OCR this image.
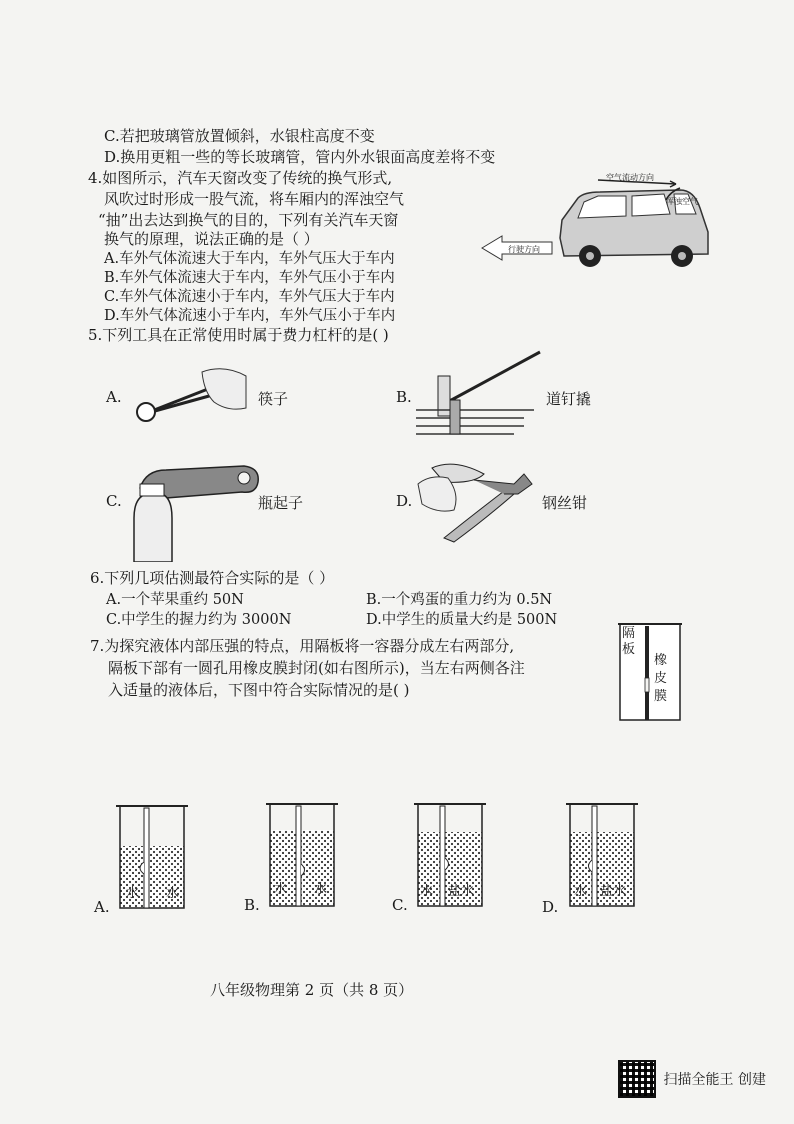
C.若把玻璃管放置倾斜，水银柱高度不变
D.换用更粗一些的等长玻璃管，管内外水银面高度差将不变
4.如图所示，汽车天窗改变了传统的换气形式,
风吹过时形成一股气流，将车厢内的浑浊空气
“抽”出去达到换气的目的，下列有关汽车天窗
换气的原理，说法正确的是（ ）
A.车外气体流速大于车内，车外气压大于车内
B.车外气体流速大于车内，车外气压小于车内
C.车外气体流速小于车内，车外气压大于车内
D.车外气体流速小于车内，车外气压小于车内
空气流动方向
浑浊空气
行驶方向
5.下列工具在正常使用时属于费力杠杆的是( )
A.	筷子	B.	道钉撬
C.	瓶起子	D.	钢丝钳
6.下列几项估测最符合实际的是（ ）
A.一个苹果重约 50N	B.一个鸡蛋的重力约为 0.5N
C.中学生的握力约为 3000N	D.中学生的质量大约是 500N
7.为探究液体内部压强的特点，用隔板将一容器分成左右两部分,
隔板下部有一圆孔用橡皮膜封闭(如右图所示)，当左右两侧各注
入适量的液体后，下图中符合实际情况的是( )
隔板
橡皮膜
A.
水 水
B.
水 水
C.
水 盐水
D.
水 盐水
八年级物理第 2 页（共 8 页）
扫描全能王 创建
